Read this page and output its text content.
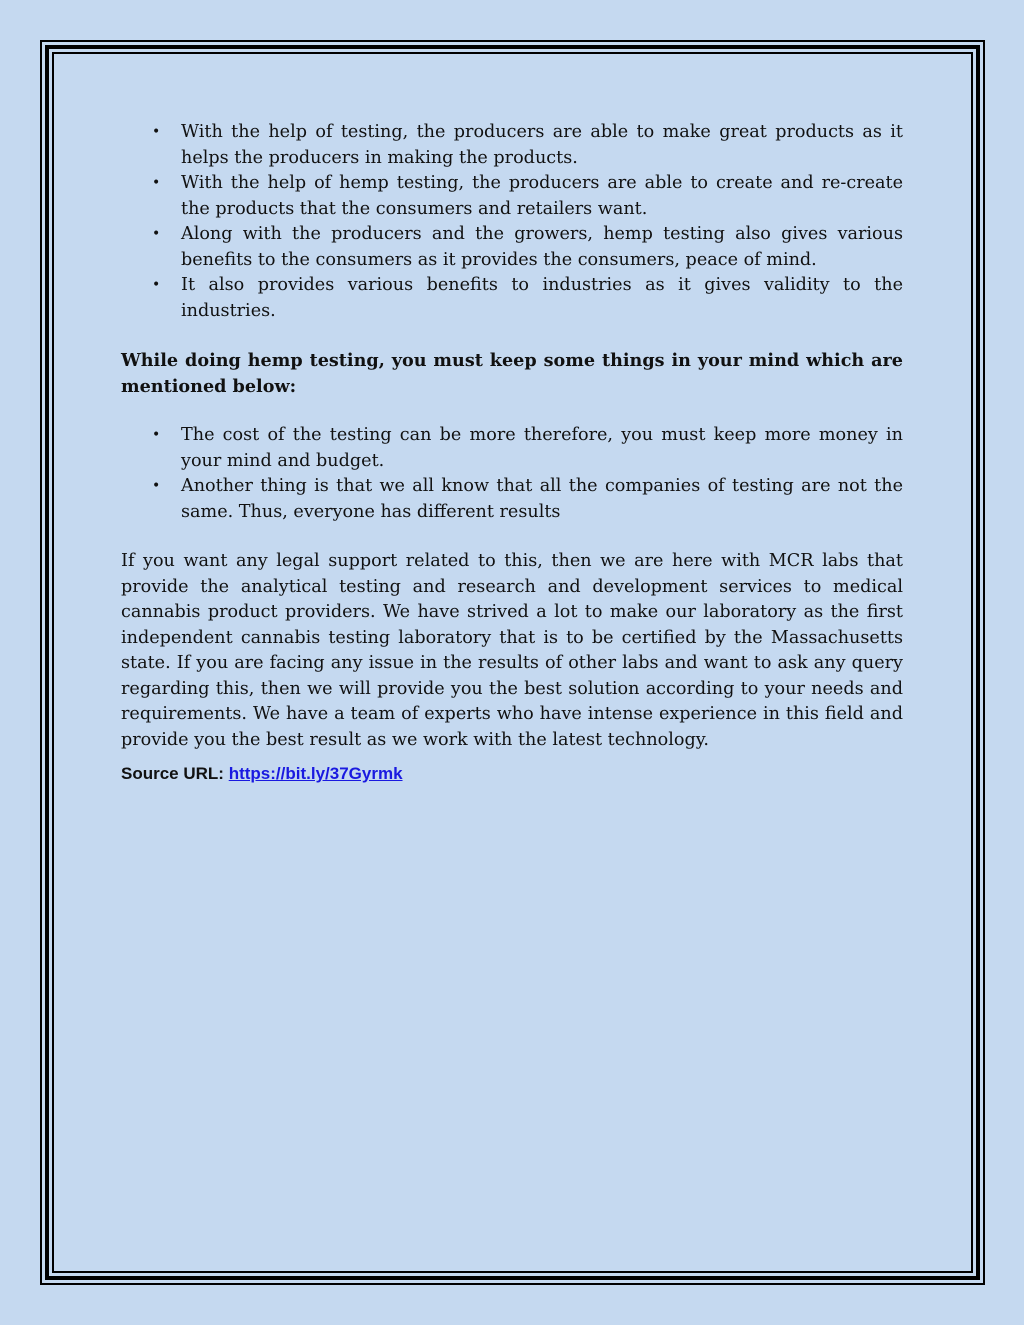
• With the help of testing, the producers are able to make great products as it helps the producers in making the products.
• With the help of hemp testing, the producers are able to create and re-create the products that the consumers and retailers want.
• Along with the producers and the growers, hemp testing also gives various benefits to the consumers as it provides the consumers, peace of mind.
• It also provides various benefits to industries as it gives validity to the industries.

While doing hemp testing, you must keep some things in your mind which are mentioned below:

• The cost of the testing can be more therefore, you must keep more money in your mind and budget.
• Another thing is that we all know that all the companies of testing are not the same. Thus, everyone has different results

If you want any legal support related to this, then we are here with MCR labs that provide the analytical testing and research and development services to medical cannabis product providers. We have strived a lot to make our laboratory as the first independent cannabis testing laboratory that is to be certified by the Massachusetts state. If you are facing any issue in the results of other labs and want to ask any query regarding this, then we will provide you the best solution according to your needs and requirements. We have a team of experts who have intense experience in this field and provide you the best result as we work with the latest technology.

Source URL: https://bit.ly/37Gyrmk
